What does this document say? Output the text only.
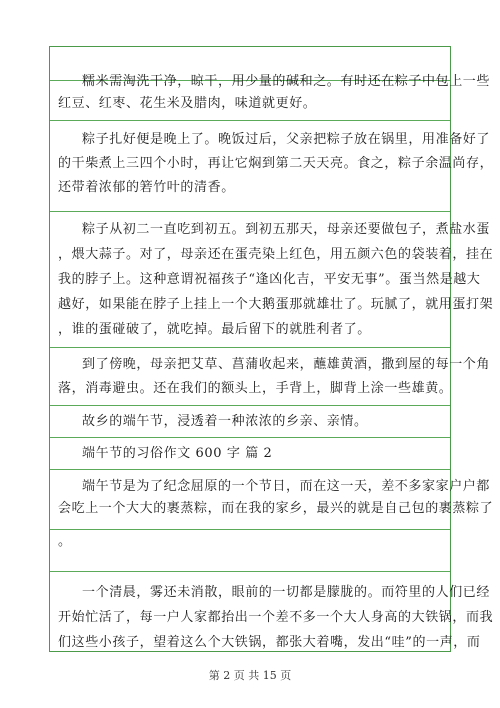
糯米需淘洗干净，晾干，用少量的碱和之。有时还在粽子中包上一些
红豆、红枣、花生米及腊肉，味道就更好。
粽子扎好便是晚上了。晚饭过后，父亲把粽子放在锅里，用准备好了
的干柴煮上三四个小时，再让它焖到第二天天亮。食之，粽子余温尚存，
还带着浓郁的箬竹叶的清香。
粽子从初二一直吃到初五。到初五那天，母亲还要做包子，煮盐水蛋
，煨大蒜子。对了，母亲还在蛋壳染上红色，用五颜六色的袋装着，挂在
我的脖子上。这种意谓祝福孩子“逢凶化吉，平安无事”。蛋当然是越大
越好，如果能在脖子上挂上一个大鹅蛋那就雄壮了。玩腻了，就用蛋打架
，谁的蛋碰破了，就吃掉。最后留下的就胜利者了。
到了傍晚，母亲把艾草、菖蒲收起来，蘸雄黄酒，撒到屋的每一个角
落，消毒避虫。还在我们的额头上，手背上，脚背上涂一些雄黄。
故乡的端午节，浸透着一种浓浓的乡亲、亲情。
端午节的习俗作文 600 字 篇 2
端午节是为了纪念屈原的一个节日，而在这一天，差不多家家户户都
会吃上一个大大的裹蒸粽，而在我的家乡，最兴的就是自己包的裹蒸粽了
。
一个清晨，雾还未消散，眼前的一切都是朦胧的。而符里的人们已经
开始忙活了，每一户人家都抬出一个差不多一个大人身高的大铁锅，而我
们这些小孩子，望着这么个大铁锅，都张大着嘴，发出“哇”的一声，而
第 2 页 共 15 页
